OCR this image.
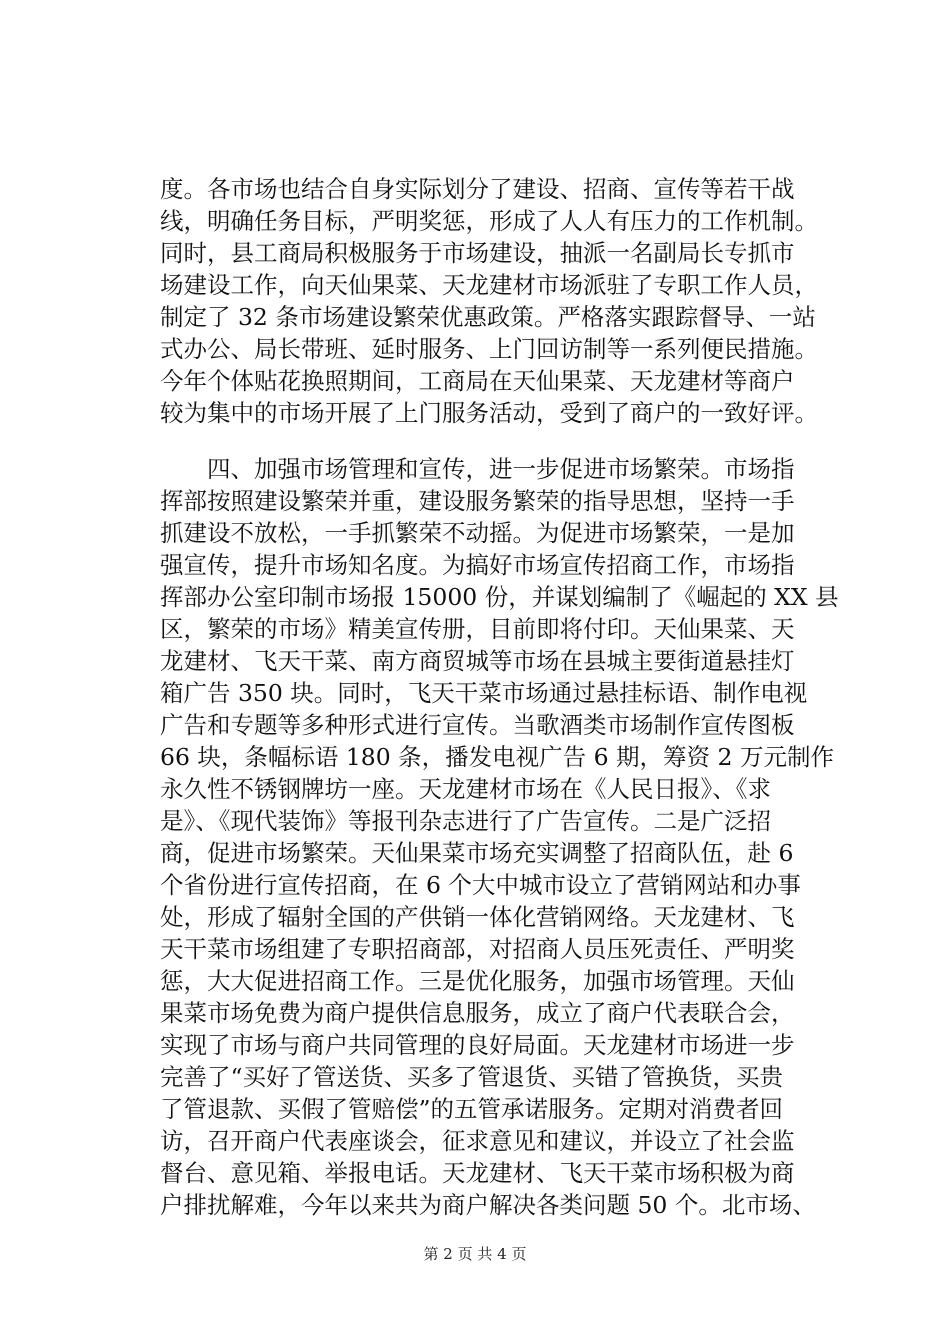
度。各市场也结合自身实际划分了建设、招商、宣传等若干战
线，明确任务目标，严明奖惩，形成了人人有压力的工作机制。
同时，县工商局积极服务于市场建设，抽派一名副局长专抓市
场建设工作，向天仙果菜、天龙建材市场派驻了专职工作人员，
制定了 32 条市场建设繁荣优惠政策。严格落实跟踪督导、一站
式办公、局长带班、延时服务、上门回访制等一系列便民措施。
今年个体贴花换照期间，工商局在天仙果菜、天龙建材等商户
较为集中的市场开展了上门服务活动，受到了商户的一致好评。
　　四、加强市场管理和宣传，进一步促进市场繁荣。市场指
挥部按照建设繁荣并重，建设服务繁荣的指导思想，坚持一手
抓建设不放松，一手抓繁荣不动摇。为促进市场繁荣，一是加
强宣传，提升市场知名度。为搞好市场宣传招商工作，市场指
挥部办公室印制市场报 15000 份，并谋划编制了《崛起的 XX 县
区，繁荣的市场》精美宣传册，目前即将付印。天仙果菜、天
龙建材、飞天干菜、南方商贸城等市场在县城主要街道悬挂灯
箱广告 350 块。同时，飞天干菜市场通过悬挂标语、制作电视
广告和专题等多种形式进行宣传。当歌酒类市场制作宣传图板
66 块，条幅标语 180 条，播发电视广告 6 期，筹资 2 万元制作
永久性不锈钢牌坊一座。天龙建材市场在《人民日报》、《求
是》、《现代装饰》等报刊杂志进行了广告宣传。二是广泛招
商，促进市场繁荣。天仙果菜市场充实调整了招商队伍，赴 6
个省份进行宣传招商，在 6 个大中城市设立了营销网站和办事
处，形成了辐射全国的产供销一体化营销网络。天龙建材、飞
天干菜市场组建了专职招商部，对招商人员压死责任、严明奖
惩，大大促进招商工作。三是优化服务，加强市场管理。天仙
果菜市场免费为商户提供信息服务，成立了商户代表联合会，
实现了市场与商户共同管理的良好局面。天龙建材市场进一步
完善了“买好了管送货、买多了管退货、买错了管换货，买贵
了管退款、买假了管赔偿”的五管承诺服务。定期对消费者回
访，召开商户代表座谈会，征求意见和建议，并设立了社会监
督台、意见箱、举报电话。天龙建材、飞天干菜市场积极为商
户排扰解难，今年以来共为商户解决各类问题 50 个。北市场、
第 2 页 共 4 页
